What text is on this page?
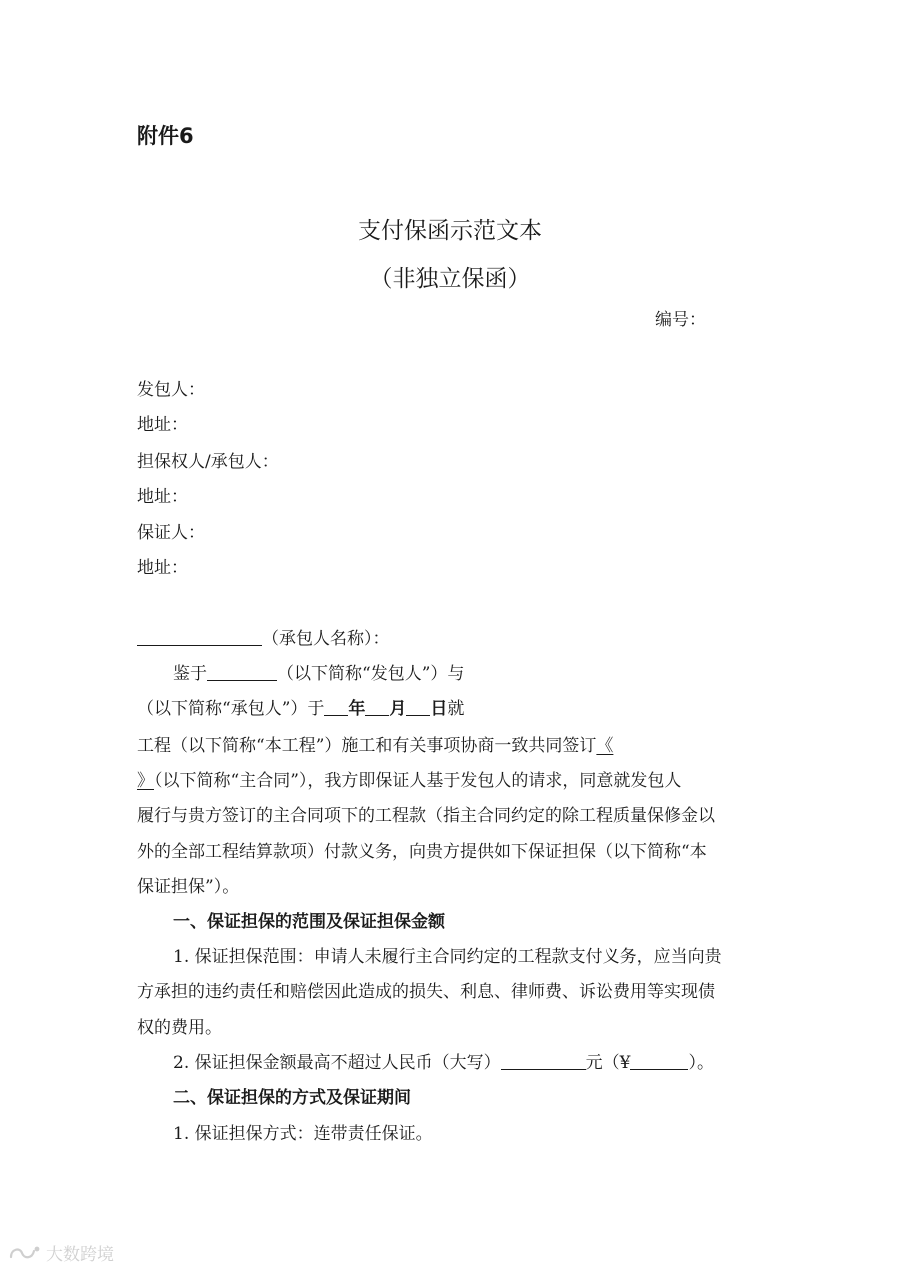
附件6
支付保函示范文本
（非独立保函）
编号：
发包人：
地址：
担保权人/承包人：
地址：
保证人：
地址：
（承包人名称）：
鉴于	（以下简称“发包人”）与
（以下简称“承包人”）于 年 月 日就
工程（以下简称“本工程”）施工和有关事项协商一致共同签订《
》（以下简称“主合同”），我方即保证人基于发包人的请求，同意就发包人
履行与贵方签订的主合同项下的工程款（指主合同约定的除工程质量保修金以
外的全部工程结算款项）付款义务，向贵方提供如下保证担保（以下简称“本
保证担保”）。
一、保证担保的范围及保证担保金额
1. 保证担保范围：申请人未履行主合同约定的工程款支付义务，应当向贵
方承担的违约责任和赔偿因此造成的损失、利息、律师费、诉讼费用等实现债
权的费用。
2. 保证担保金额最高不超过人民币（大写）	元（¥	）。
二、保证担保的方式及保证期间
1. 保证担保方式：连带责任保证。
大数跨境
